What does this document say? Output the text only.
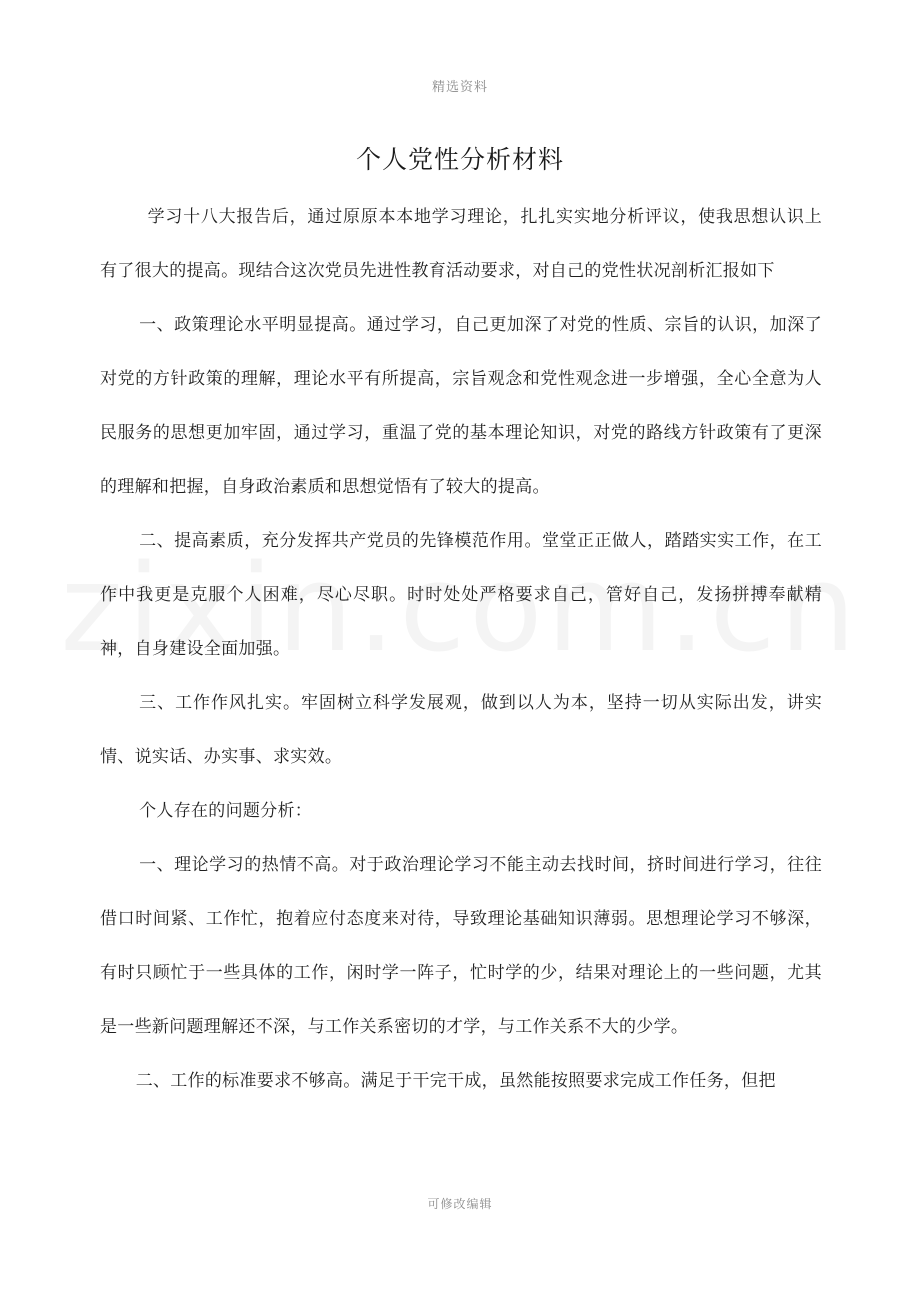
精选资料
个人党性分析材料

学习十八大报告后，通过原原本本地学习理论，扎扎实实地分析评议，使我思想认识上有了很大的提高。现结合这次党员先进性教育活动要求，对自己的党性状况剖析汇报如下

一、政策理论水平明显提高。通过学习，自己更加深了对党的性质、宗旨的认识，加深了对党的方针政策的理解，理论水平有所提高，宗旨观念和党性观念进一步增强，全心全意为人民服务的思想更加牢固，通过学习，重温了党的基本理论知识，对党的路线方针政策有了更深的理解和把握，自身政治素质和思想觉悟有了较大的提高。

二、提高素质，充分发挥共产党员的先锋模范作用。堂堂正正做人，踏踏实实工作，在工作中我更是克服个人困难，尽心尽职。时时处处严格要求自己，管好自己，发扬拼搏奉献精神，自身建设全面加强。

三、工作作风扎实。牢固树立科学发展观，做到以人为本，坚持一切从实际出发，讲实情、说实话、办实事、求实效。

个人存在的问题分析：

一、理论学习的热情不高。对于政治理论学习不能主动去找时间，挤时间进行学习，往往借口时间紧、工作忙，抱着应付态度来对待，导致理论基础知识薄弱。思想理论学习不够深，有时只顾忙于一些具体的工作，闲时学一阵子，忙时学的少，结果对理论上的一些问题，尤其是一些新问题理解还不深，与工作关系密切的才学，与工作关系不大的少学。

二、工作的标准要求不够高。满足于干完干成，虽然能按照要求完成工作任务，但把

可修改编辑
